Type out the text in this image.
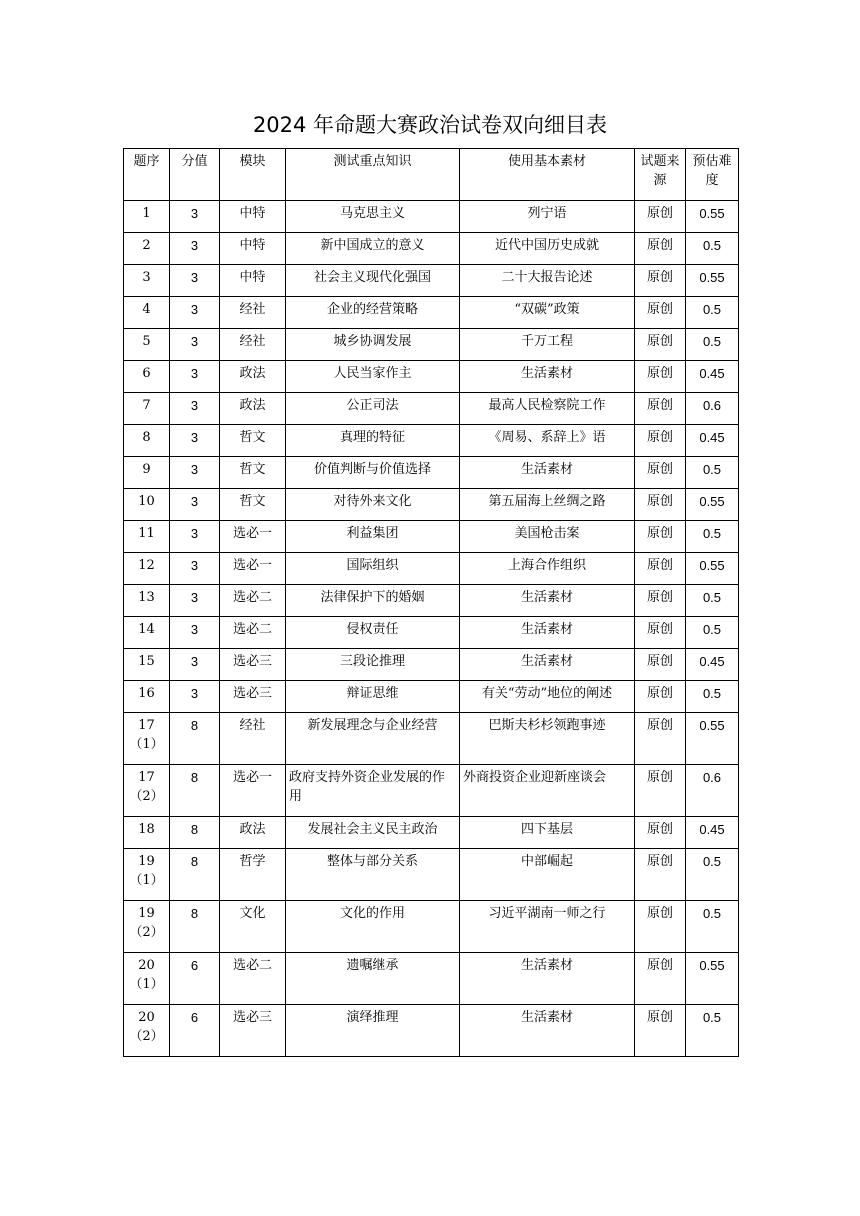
2024 年命题大赛政治试卷双向细目表
题序	分值	模块	测试重点知识	使用基本素材	试题来源	预估难度
1	3	中特	马克思主义	列宁语	原创	0.55
2	3	中特	新中国成立的意义	近代中国历史成就	原创	0.5
3	3	中特	社会主义现代化强国	二十大报告论述	原创	0.55
4	3	经社	企业的经营策略	“双碳”政策	原创	0.5
5	3	经社	城乡协调发展	千万工程	原创	0.5
6	3	政法	人民当家作主	生活素材	原创	0.45
7	3	政法	公正司法	最高人民检察院工作	原创	0.6
8	3	哲文	真理的特征	《周易、系辞上》语	原创	0.45
9	3	哲文	价值判断与价值选择	生活素材	原创	0.5
10	3	哲文	对待外来文化	第五届海上丝绸之路	原创	0.55
11	3	选必一	利益集团	美国枪击案	原创	0.5
12	3	选必一	国际组织	上海合作组织	原创	0.55
13	3	选必二	法律保护下的婚姻	生活素材	原创	0.5
14	3	选必二	侵权责任	生活素材	原创	0.5
15	3	选必三	三段论推理	生活素材	原创	0.45
16	3	选必三	辩证思维	有关“劳动”地位的阐述	原创	0.5
17（1）	8	经社	新发展理念与企业经营	巴斯夫杉杉领跑事迹	原创	0.55
17（2）	8	选必一	政府支持外资企业发展的作用	外商投资企业迎新座谈会	原创	0.6
18	8	政法	发展社会主义民主政治	四下基层	原创	0.45
19（1）	8	哲学	整体与部分关系	中部崛起	原创	0.5
19（2）	8	文化	文化的作用	习近平湖南一师之行	原创	0.5
20（1）	6	选必二	遗嘱继承	生活素材	原创	0.55
20（2）	6	选必三	演绎推理	生活素材	原创	0.5
